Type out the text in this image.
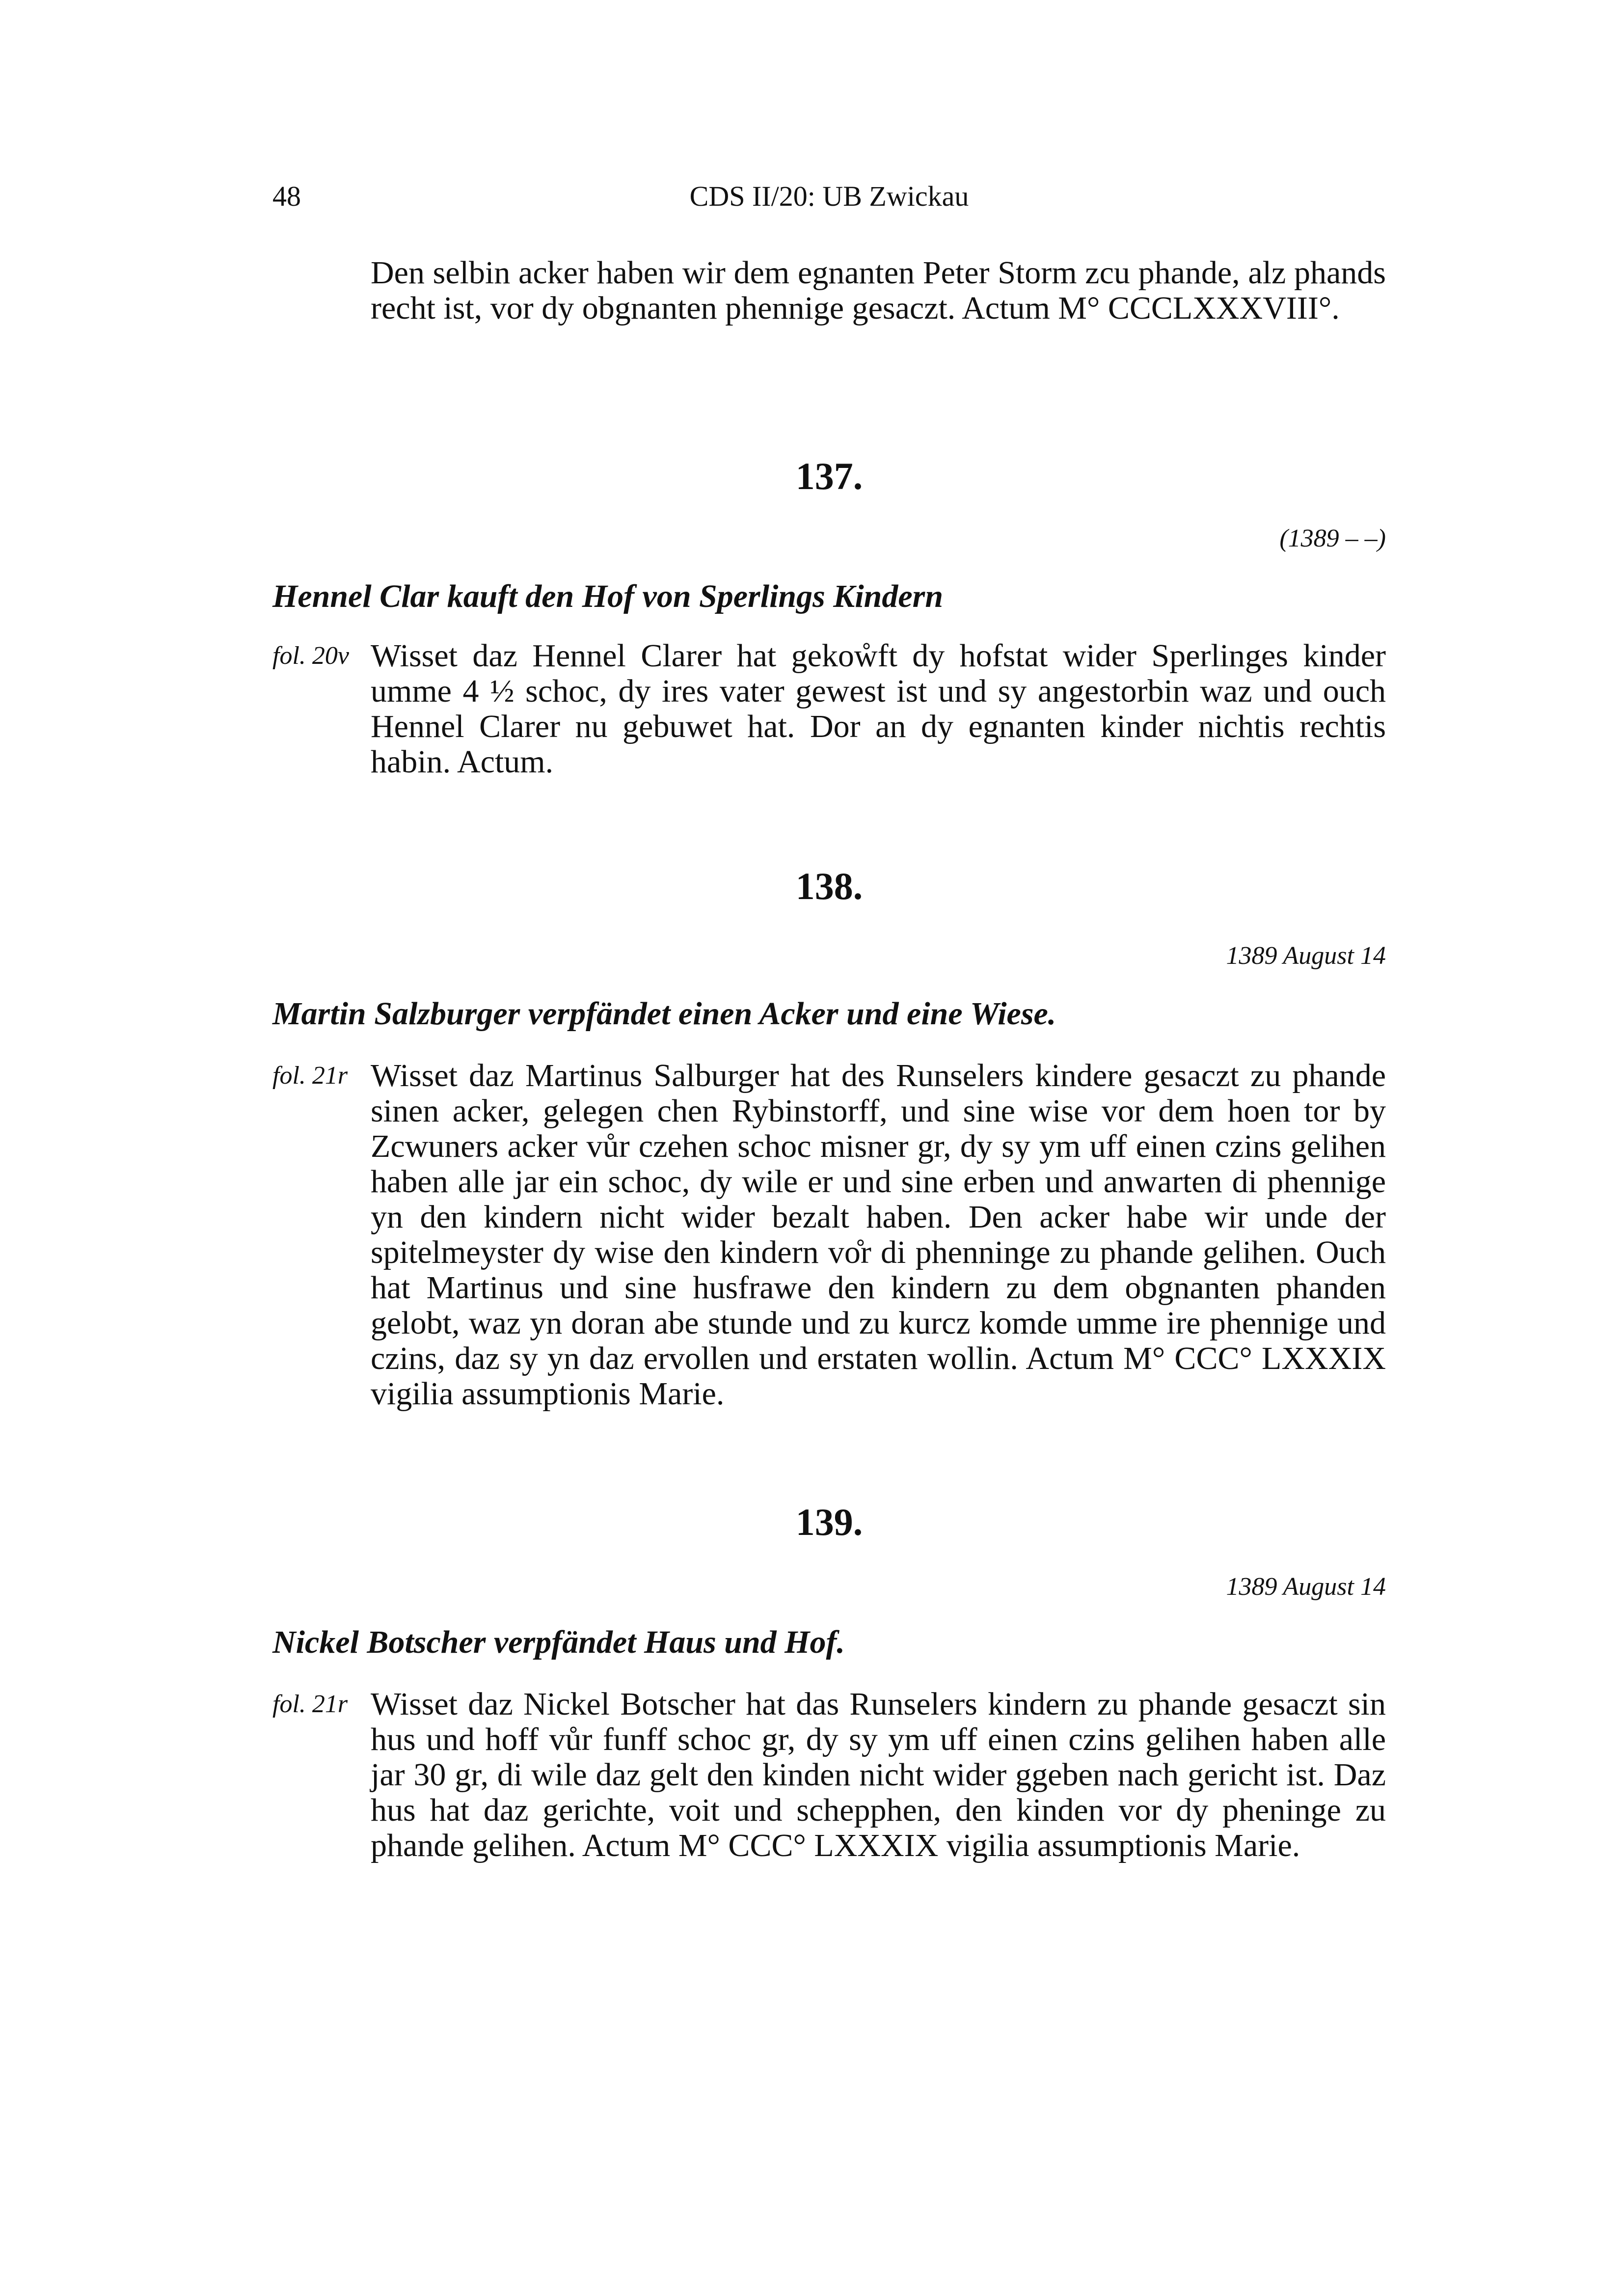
48	CDS II/20: UB Zwickau

Den selbin acker haben wir dem egnanten Peter Storm zcu phande, alz phands recht ist, vor dy obgnanten phennige gesaczt. Actum M° CCCLXXXVIII°.

137.
(1389 – –)
Hennel Clar kauft den Hof von Sperlings Kindern
fol. 20v Wisset daz Hennel Clarer hat gekoẘft dy hofstat wider Sperlinges kinder umme 4 ½ schoc, dy ires vater gewest ist und sy angestorbin waz und ouch Hennel Clarer nu gebuwet hat. Dor an dy egnanten kinder nichtis rechtis habin. Actum.

138.
1389 August 14
Martin Salzburger verpfändet einen Acker und eine Wiese.
fol. 21r Wisset daz Martinus Salburger hat des Runselers kindere gesaczt zu phande sinen acker, gelegen chen Rybinstorff, und sine wise vor dem hoen tor by Zcwuners acker vůr czehen schoc misner gr, dy sy ym uff einen czins gelihen haben alle jar ein schoc, dy wile er und sine erben und anwarten di phennige yn den kindern nicht wider bezalt haben. Den acker habe wir unde der spitelmeyster dy wise den kindern vo̊r di phenninge zu phande gelihen. Ouch hat Martinus und sine husfrawe den kindern zu dem obgnanten phanden gelobt, waz yn doran abe stunde und zu kurcz komde umme ire phennige und czins, daz sy yn daz ervollen und erstaten wollin. Actum M° CCC° LXXXIX vigilia assumptionis Marie.

139.
1389 August 14
Nickel Botscher verpfändet Haus und Hof.
fol. 21r Wisset daz Nickel Botscher hat das Runselers kindern zu phande gesaczt sin hus und hoff vůr funff schoc gr, dy sy ym uff einen czins gelihen haben alle jar 30 gr, di wile daz gelt den kinden nicht wider ggeben nach gericht ist. Daz hus hat daz gerichte, voit und schepphen, den kinden vor dy pheninge zu phande gelihen. Actum M° CCC° LXXXIX vigilia assumptionis Marie.
